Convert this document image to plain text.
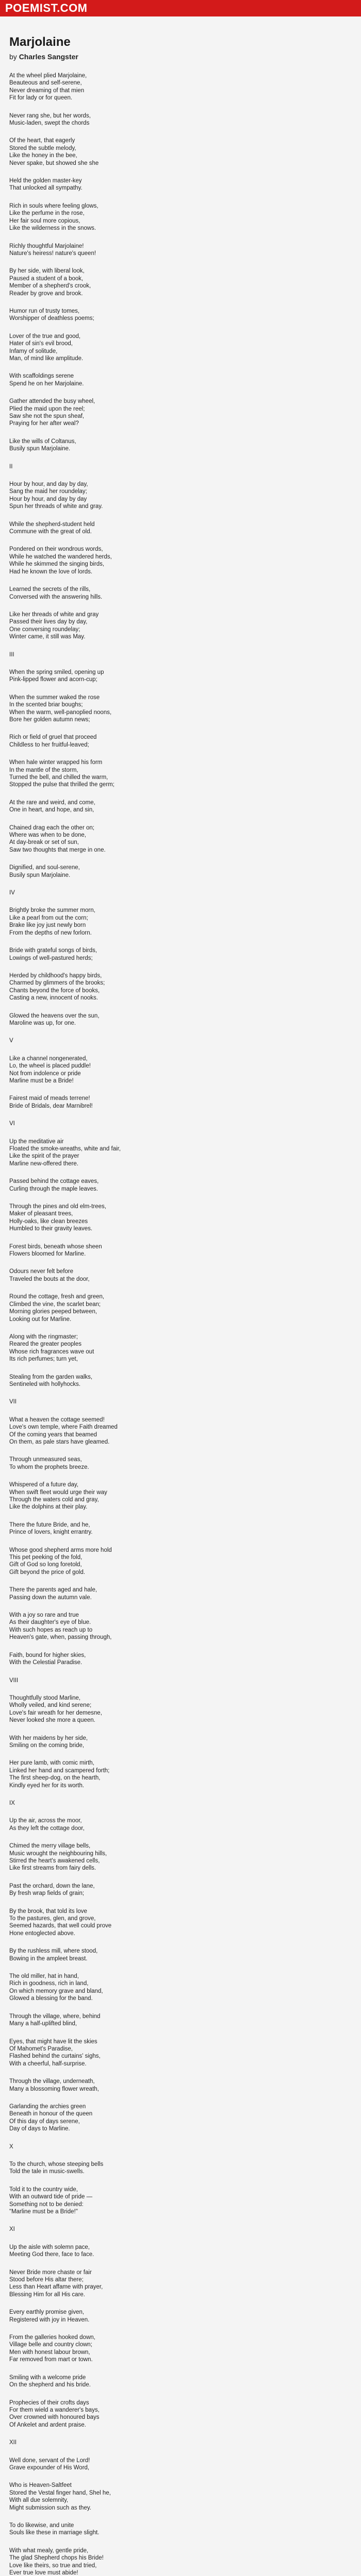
POEMIST.COM
Marjolaine
by Charles Sangster
At the wheel plied Marjolaine,
Beauteous and self-serene,
Never dreaming of that mien
Fit for lady or for queen.
Never rang she, but her words,
Music-laden, swept the chords
Of the heart, that eagerly
Stored the subtle melody,
Like the honey in the bee,
Never spake, but showed she she
Held the golden master-key
That unlocked all sympathy.
Rich in souls where feeling glows,
Like the perfume in the rose,
Her fair soul more copious,
Like the wilderness in the snows.
Richly thoughtful Marjolaine!
Nature's heiress! nature's queen!
By her side, with liberal look,
Paused a student of a book,
Member of a shepherd's crook,
Reader by grove and brook.
Humor run of trusty tomes,
Worshipper of deathless poems;
Lover of the true and good,
Hater of sin's evil brood,
Infamy of solitude,
Man, of mind like amplitude.
With scaffoldings serene
Spend he on her Marjolaine.
Gather attended the busy wheel,
Plied the maid upon the reel;
Saw she not the spun sheaf,
Praying for her after weal?
Like the wills of Coltanus,
Busily spun Marjolaine.
II
Hour by hour, and day by day,
Sang the maid her roundelay;
Hour by hour, and day by day
Spun her threads of white and gray.
While the shepherd-student held
Commune with the great of old.
Pondered on their wondrous words,
While he watched the wandered herds,
While he skimmed the singing birds,
Had he known the love of lords.
Learned the secrets of the rills,
Conversed with the answering hills.
Like her threads of white and gray
Passed their lives day by day,
One conversing roundelay;
Winter came, it still was May.
III
When the spring smiled, opening up
Pink-lipped flower and acorn-cup;
When the summer waked the rose
In the scented briar boughs;
When the warm, well-panoplied noons,
Bore her golden autumn news;
Rich or field of gruel that proceed
Childless to her fruitful-leaved;
When hale winter wrapped his form
In the mantle of the storm,
Turned the bell, and chilled the warm,
Stopped the pulse that thrilled the germ;
At the rare and weird, and come,
One in heart, and hope, and sin,
Chained drag each the other on;
Where was when to be done,
At day-break or set of sun,
Saw two thoughts that merge in one.
Dignified, and soul-serene,
Busily spun Marjolaine.
IV
Brightly broke the summer morn,
Like a pearl from out the corn;
Brake like joy just newly born
From the depths of new forlorn.
Bride with grateful songs of birds,
Lowings of well-pastured herds;
Herded by childhood's happy birds,
Charmed by glimmers of the brooks;
Chants beyond the force of books,
Casting a new, innocent of nooks.
Glowed the heavens over the sun,
Maroline was up, for one.
V
Like a channel nongenerated,
Lo, the wheel is placed puddle!
Not from indolence or pride
Marline must be a Bride!
Fairest maid of meads terrene!
Bride of Bridals, dear Marnibrel!
VI
Up the meditative air
Floated the smoke-wreaths, white and fair,
Like the spirit of the prayer
Marline new-offered there.
Passed behind the cottage eaves,
Curling through the maple leaves.
Through the pines and old elm-trees,
Maker of pleasant trees,
Holly-oaks, like clean breezes
Humbled to their gravity leaves.
Forest birds, beneath whose sheen
Flowers bloomed for Marline.
Odours never felt before
Traveled the bouts at the door,
Round the cottage, fresh and green,
Climbed the vine, the scarlet bean;
Morning glories peeped between,
Looking out for Marline.
Along with the ringmaster;
Reared the greater peoples
Whose rich fragrances wave out
Its rich perfumes; turn yet,
Stealing from the garden walks,
Sentineled with hollyhocks.
VII
What a heaven the cottage seemed!
Love's own temple, where Faith dreamed
Of the coming years that beamed
On them, as pale stars have gleamed.
Through unmeasured seas,
To whom the prophets breeze.
Whispered of a future day,
When swift fleet would urge their way
Through the waters cold and gray,
Like the dolphins at their play.
There the future Bride, and he,
Prince of lovers, knight errantry.
Whose good shepherd arms more hold
This pet peeking of the fold,
Gift of God so long foretold,
Gift beyond the price of gold.
There the parents aged and hale,
Passing down the autumn vale.
With a joy so rare and true
As their daughter's eye of blue.
With such hopes as reach up to
Heaven's gate, when, passing through,
Faith, bound for higher skies,
With the Celestial Paradise.
VIII
Thoughtfully stood Marline,
Wholly veiled, and kind serene;
Love's fair wreath for her demesne,
Never looked she more a queen.
With her maidens by her side,
Smiling on the coming bride,
Her pure lamb, with comic mirth,
Linked her hand and scampered forth;
The first sheep-dog, on the hearth,
Kindly eyed her for its worth.
IX
Up the air, across the moor,
As they left the cottage door,
Chimed the merry village bells,
Music wrought the neighbouring hills,
Stirred the heart's awakened cells,
Like first streams from fairy dells.
Past the orchard, down the lane,
By fresh wrap fields of grain;
By the brook, that told its love
To the pastures, glen, and grove,
Seemed hazards, that well could prove
Hone entoglected above.
By the rushless mill, where stood,
Bowing in the ampleet breast.
The old miller, hat in hand,
Rich in goodness, rich in land,
On which memory grave and bland,
Glowed a blessing for the band.
Through the village, where, behind
Many a half-uplifted blind,
Eyes, that might have lit the skies
Of Mahomet's Paradise,
Flashed behind the curtains' sighs,
With a cheerful, half-surprise.
Through the village, underneath,
Many a blossoming flower wreath,
Garlanding the archies green
Beneath in honour of the queen
Of this day of days serene,
Day of days to Marline.
X
To the church, whose steeping bells
Told the tale in music-swells.
Told it to the country wide,
With an outward tide of pride —
Something not to be denied:
"Marline must be a Bride!"
XI
Up the aisle with solemn pace,
Meeting God there, face to face.
Never Bride more chaste or fair
Stood before His altar there;
Less than Heart affame with prayer,
Blessing Him for all His care.
Every earthly promise given,
Registered with joy in Heaven.
From the galleries hooked down,
Village belle and country clown;
Men with honest labour brown,
Far removed from mart or town.
Smiling with a welcome pride
On the shepherd and his bride.
Prophecies of their crofts days
For them wield a wanderer's bays,
Over crowned with honoured bays
Of Ankelet and ardent praise.
XII
Well done, servant of the Lord!
Grave expounder of His Word,
Who is Heaven-Saltfeet
Stored the Vestal finger hand, Shel he,
With all due solemnity,
Might submission such as they.
To do likewise, and unite
Souls like these in marriage slight.
With what mealy, gentle pride,
The glad Shepherd chops his Bride!
Love like theirs, so true and tried,
Ever true love must abide!
